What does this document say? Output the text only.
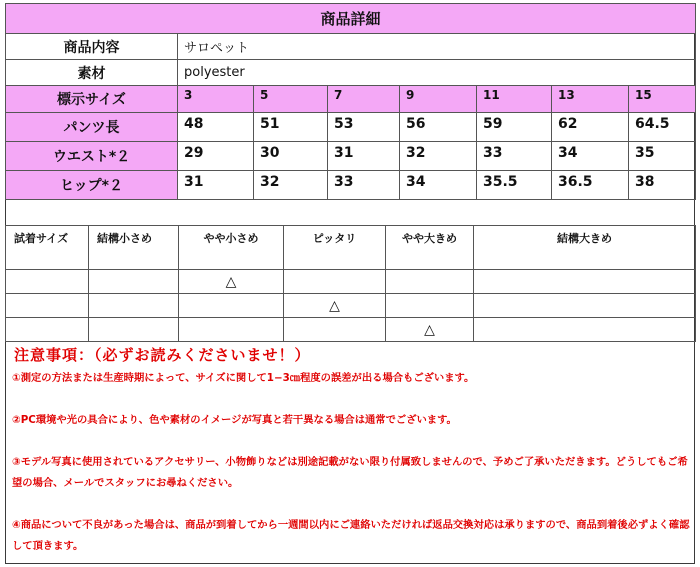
商品詳細							
商品内容	サロペット						
素材	polyester						
標示サイズ	3	5	7	9	11	13	15
パンツ長	48	51	53	56	59	62	64.5
ウエスト*２	29	30	31	32	33	34	35
ヒップ*２	31	32	33	34	35.5	36.5	38
試着サイズ	結構小さめ	やや小さめ	ピッタリ	やや大きめ	結構大きめ
		△			
			△		
				△	
注意事項：（必ずお読みくださいませ！）

①測定の方法または生産時期によって、サイズに関して1−3㎝程度の誤差が出る場合もございます。

②PC環境や光の具合により、色や素材のイメージが写真と若干異なる場合は通常でございます。

③モデル写真に使用されているアクセサリー、小物飾りなどは別途記載がない限り付属致しませんので、予めご了承いただきます。どうしてもご希望の場合、メールでスタッフにお尋ねください。

④商品について不良があった場合は、商品が到着してから一週間以内にご連絡いただければ返品交換対応は承りますので、商品到着後必ずよく確認して頂きます。
